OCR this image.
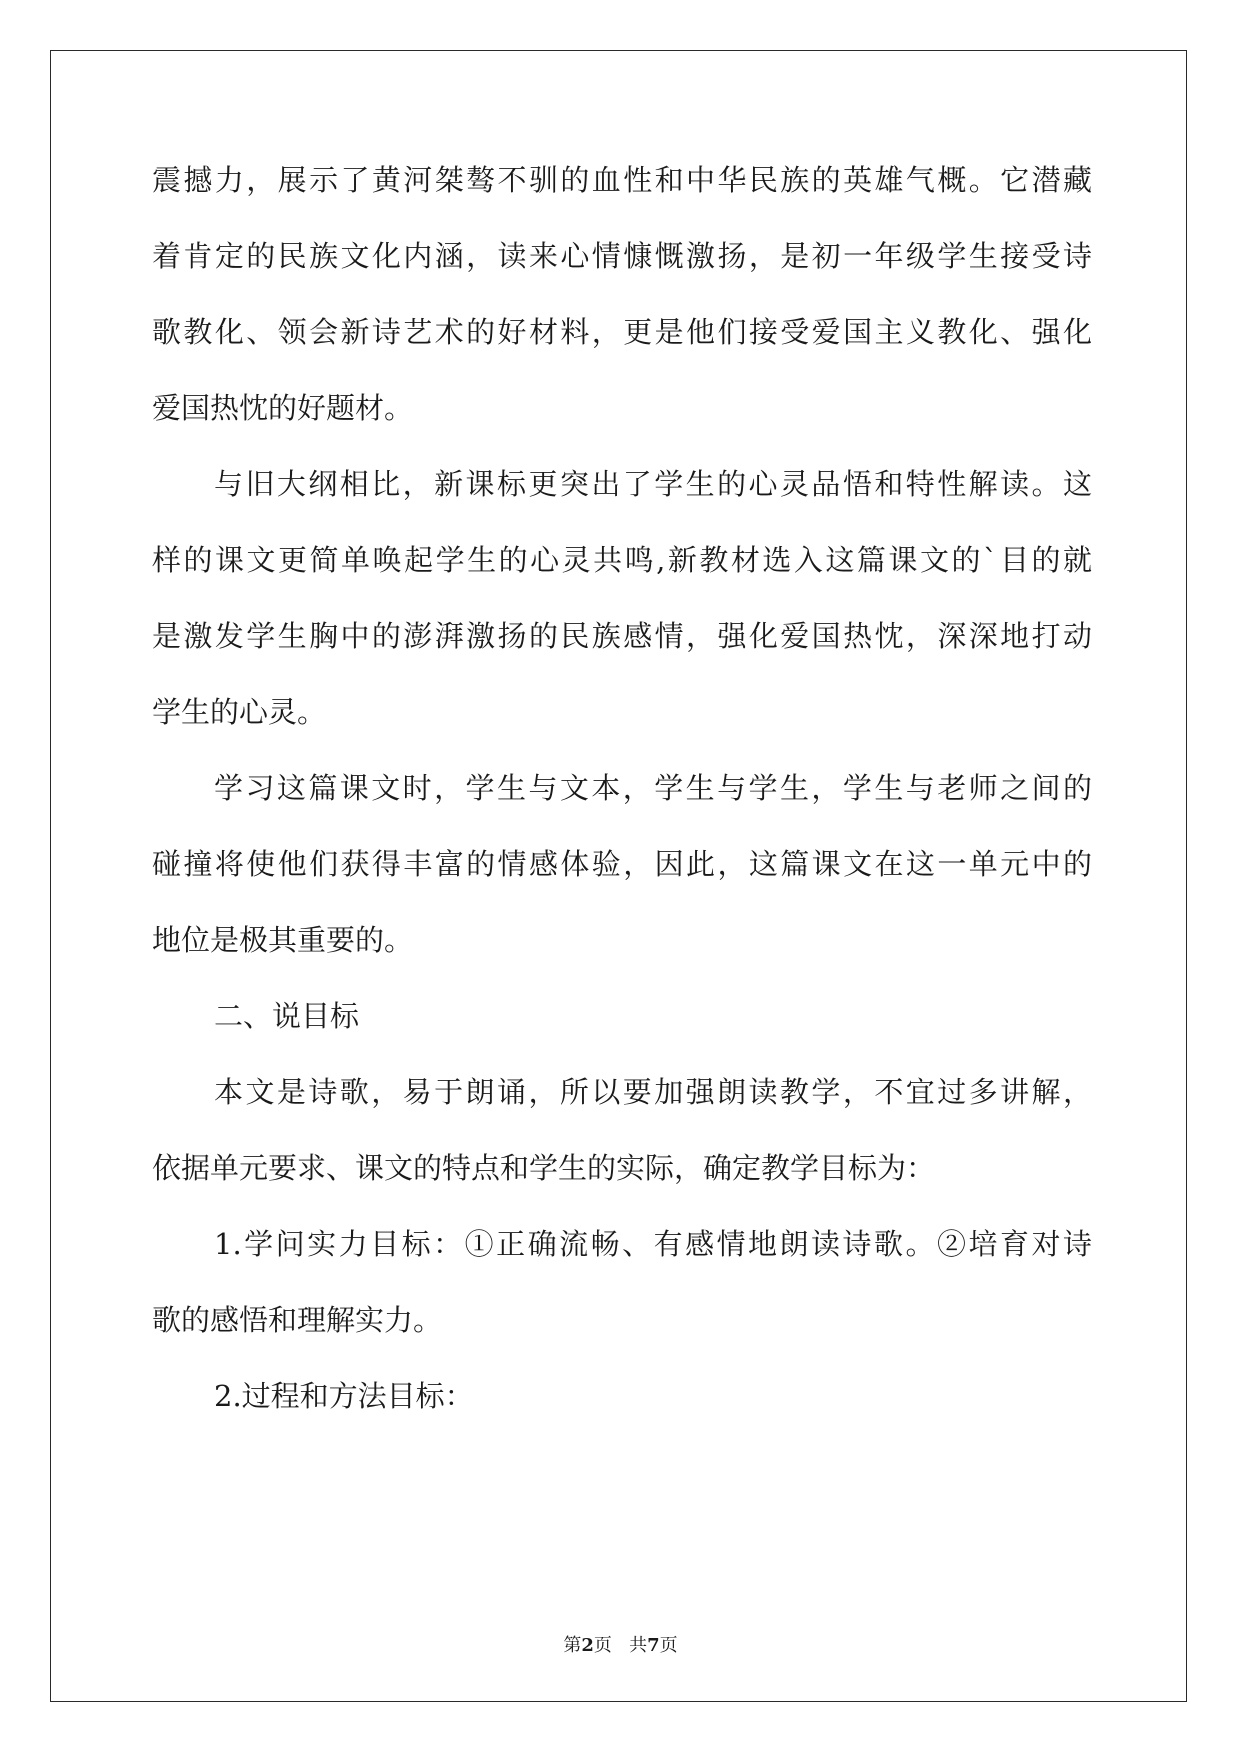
震撼力，展示了黄河桀骜不驯的血性和中华民族的英雄气概。它潜藏
着肯定的民族文化内涵，读来心情慷慨激扬，是初一年级学生接受诗
歌教化、领会新诗艺术的好材料，更是他们接受爱国主义教化、强化
爱国热忱的好题材。
与旧大纲相比，新课标更突出了学生的心灵品悟和特性解读。这
样的课文更简单唤起学生的心灵共鸣,新教材选入这篇课文的`目的就
是激发学生胸中的澎湃激扬的民族感情，强化爱国热忱，深深地打动
学生的心灵。
学习这篇课文时，学生与文本，学生与学生，学生与老师之间的
碰撞将使他们获得丰富的情感体验，因此，这篇课文在这一单元中的
地位是极其重要的。
二、说目标
本文是诗歌，易于朗诵，所以要加强朗读教学，不宜过多讲解，
依据单元要求、课文的特点和学生的实际，确定教学目标为：
1.学问实力目标：①正确流畅、有感情地朗读诗歌。②培育对诗
歌的感悟和理解实力。
2.过程和方法目标：
第2页 共7页
